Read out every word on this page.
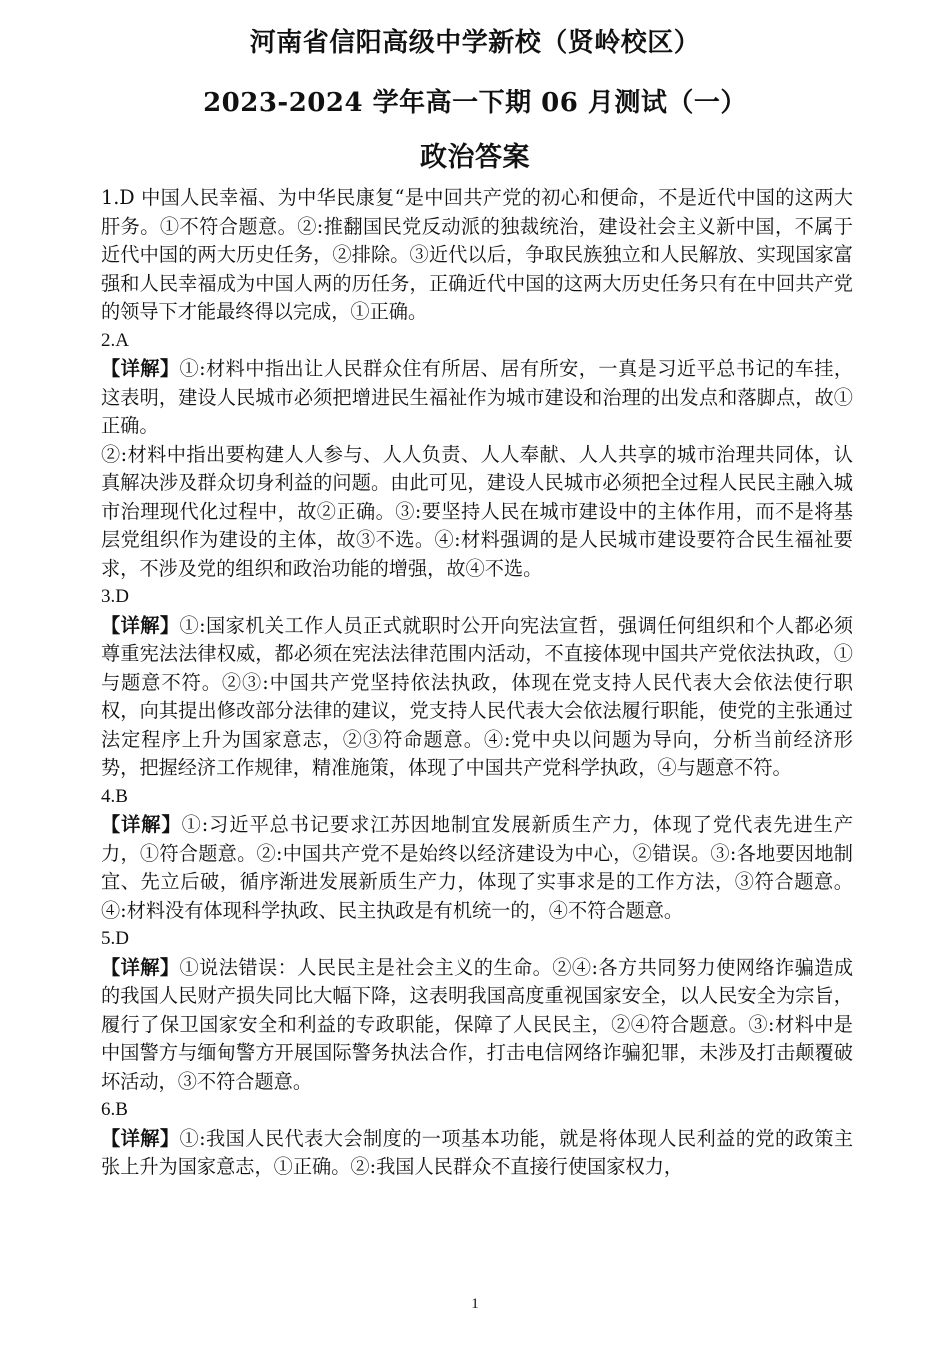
河南省信阳高级中学新校（贤岭校区）
2023-2024 学年高一下期 06 月测试（一）
政治答案

1.D 中国人民幸福、为中华民康复“是中回共产党的初心和便命，不是近代中国的这两大肝务。①不符合题意。②:推翻国民党反动派的独裁统治，建设社会主义新中国，不属于近代中国的两大历史任务，②排除。③近代以后，争取民族独立和人民解放、实现国家富强和人民幸福成为中国人两的历任务，正确近代中国的这两大历史任务只有在中回共产党的领导下才能最终得以完成，①正确。

2.A

【详解】①:材料中指出让人民群众住有所居、居有所安，一真是习近平总书记的车挂，这表明，建设人民城市必须把增进民生福祉作为城市建设和治理的出发点和落脚点，故①正确。

②:材料中指出要构建人人参与、人人负责、人人奉献、人人共享的城市治理共同体，认真解决涉及群众切身利益的问题。由此可见，建设人民城市必须把全过程人民民主融入城市治理现代化过程中，故②正确。③:要坚持人民在城市建设中的主体作用，而不是将基层党组织作为建设的主体，故③不选。④:材料强调的是人民城市建设要符合民生福祉要求，不涉及党的组织和政治功能的增强，故④不选。

3.D

【详解】①:国家机关工作人员正式就职时公开向宪法宣哲，强调任何组织和个人都必须尊重宪法法律权威，都必须在宪法法律范围内活动，不直接体现中国共产党依法执政，①与题意不符。②③:中国共产党坚持依法执政，体现在党支持人民代表大会依法使行职权，向其提出修改部分法律的建议，党支持人民代表大会依法履行职能，使党的主张通过法定程序上升为国家意志，②③符命题意。④:党中央以问题为导向，分析当前经济形势，把握经济工作规律，精准施策，体现了中国共产党科学执政，④与题意不符。

4.B

【详解】①:习近平总书记要求江苏因地制宜发展新质生产力，体现了党代表先进生产力，①符合题意。②:中国共产党不是始终以经济建设为中心，②错误。③:各地要因地制宜、先立后破，循序渐进发展新质生产力，体现了实事求是的工作方法，③符合题意。④:材料没有体现科学执政、民主执政是有机统一的，④不符合题意。

5.D

【详解】①说法错误：人民民主是社会主义的生命。②④:各方共同努力使网络诈骗造成的我国人民财产损失同比大幅下降，这表明我国高度重视国家安全，以人民安全为宗旨，履行了保卫国家安全和利益的专政职能，保障了人民民主，②④符合题意。③:材料中是中国警方与缅甸警方开展国际警务执法合作，打击电信网络诈骗犯罪，未涉及打击颠覆破坏活动，③不符合题意。

6.B

【详解】①:我国人民代表大会制度的一项基本功能，就是将体现人民利益的党的政策主张上升为国家意志，①正确。②:我国人民群众不直接行使国家权力，

1
